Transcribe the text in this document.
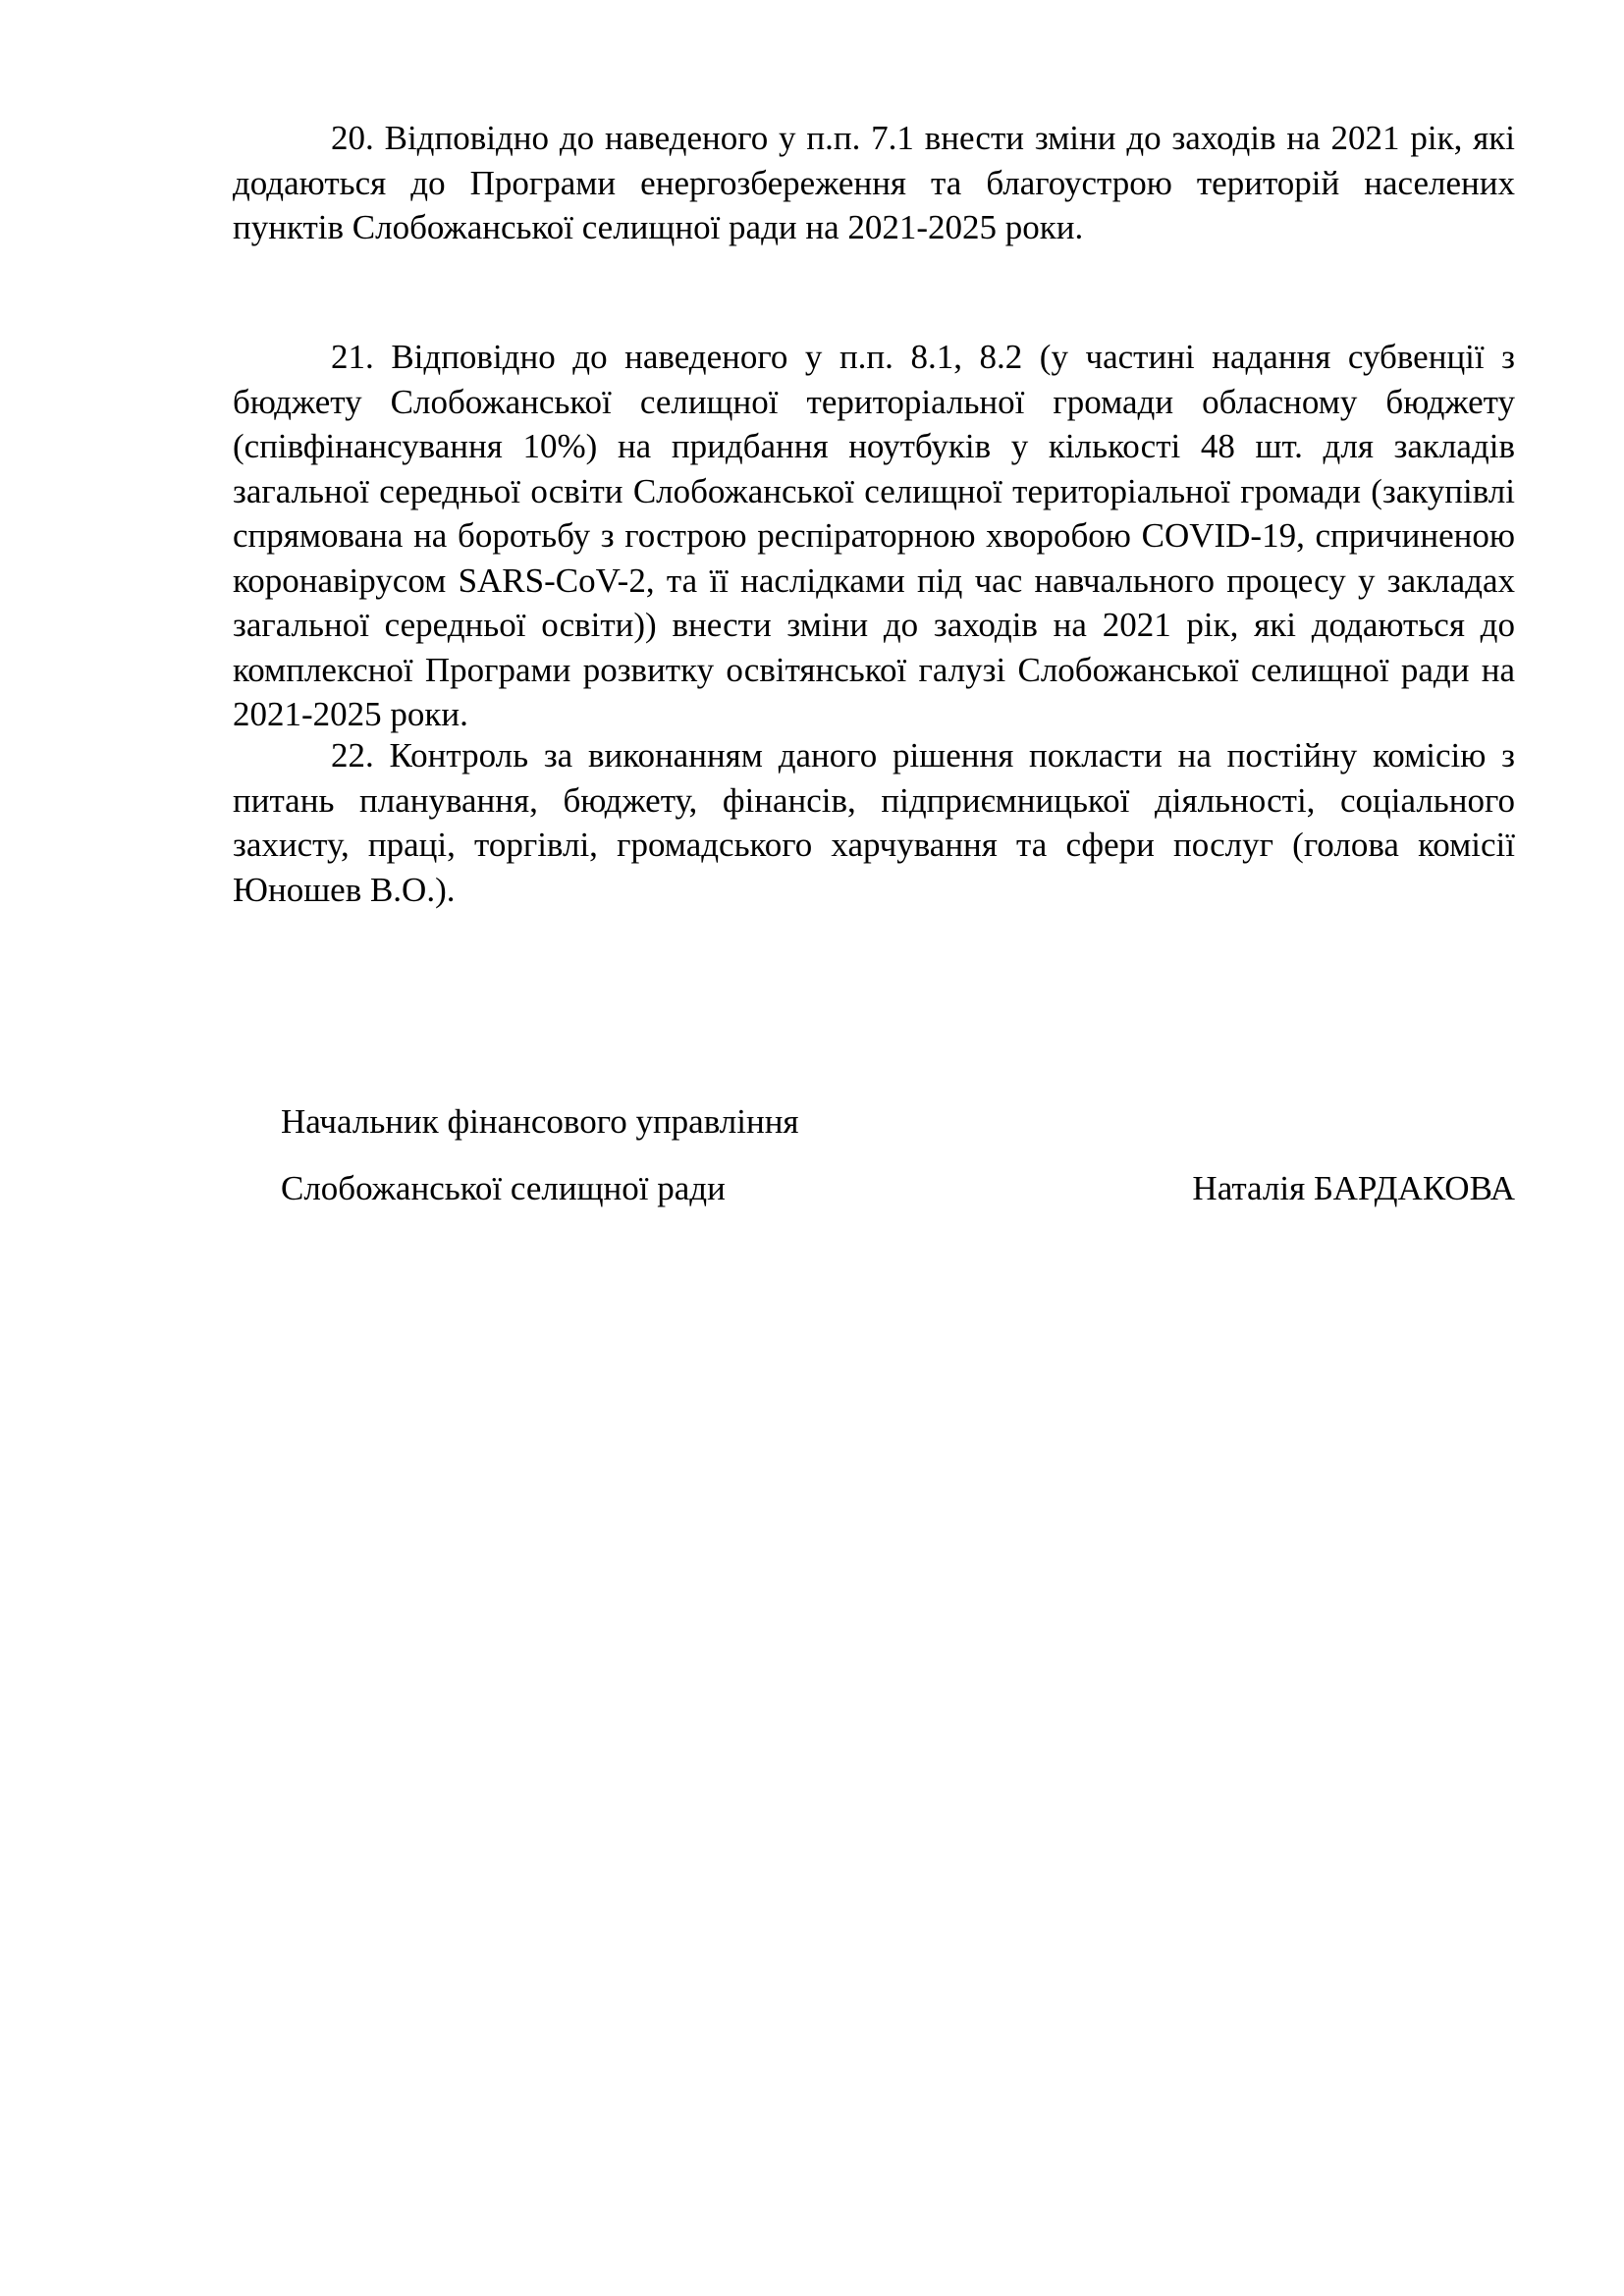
20. Відповідно до наведеного у п.п. 7.1 внести зміни до заходів на 2021 рік, які додаються до Програми енергозбереження та благоустрою територій населених пунктів Слобожанської селищної ради на 2021-2025 роки.

21. Відповідно до наведеного у п.п. 8.1, 8.2 (у частині надання субвенції з бюджету Слобожанської селищної територіальної громади обласному бюджету (співфінансування 10%) на придбання ноутбуків у кількості 48 шт. для закладів загальної середньої освіти Слобожанської селищної територіальної громади (закупівлі спрямована на боротьбу з гострою респіраторною хворобою COVID-19, спричиненою коронавірусом SARS-CoV-2, та її наслідками під час навчального процесу у закладах загальної середньої освіти)) внести зміни до заходів на 2021 рік, які додаються до комплексної Програми розвитку освітянської галузі Слобожанської селищної ради на 2021-2025 роки.

22. Контроль за виконанням даного рішення покласти на постійну комісію з питань планування, бюджету, фінансів, підприємницької діяльності, соціального захисту, праці, торгівлі, громадського харчування та сфери послуг (голова комісії Юношев В.О.).

Начальник фінансового управління
Слобожанської селищної ради	Наталія БАРДАКОВА
